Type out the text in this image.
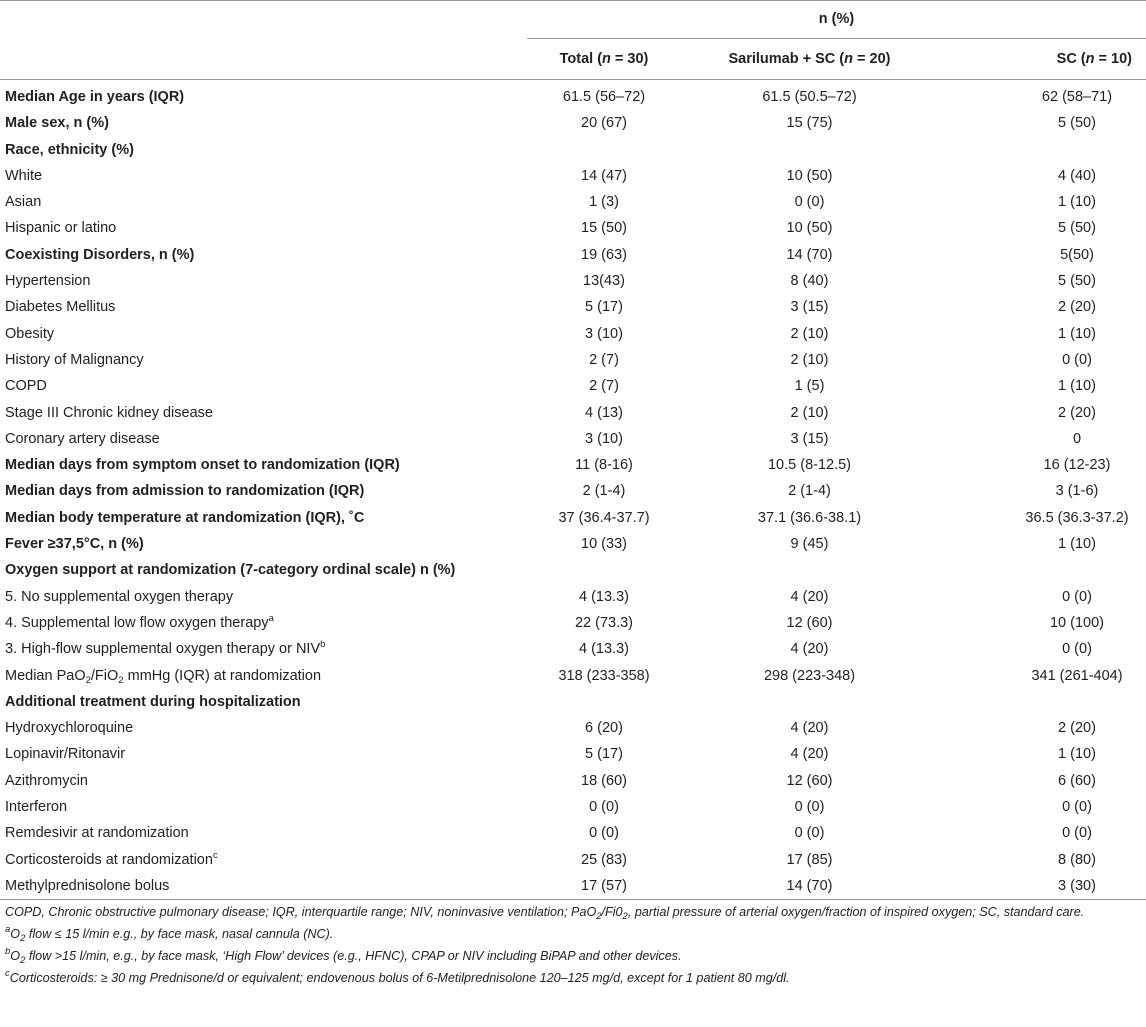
	n (%)		
	Total (n = 30)	Sarilumab + SC (n = 20)	SC (n = 10)
Median Age in years (IQR)	61.5 (56–72)	61.5 (50.5–72)	62 (58–71)
Male sex, n (%)	20 (67)	15 (75)	5 (50)
Race, ethnicity (%)			
White	14 (47)	10 (50)	4 (40)
Asian	1 (3)	0 (0)	1 (10)
Hispanic or latino	15 (50)	10 (50)	5 (50)
Coexisting Disorders, n (%)	19 (63)	14 (70)	5(50)
Hypertension	13(43)	8 (40)	5 (50)
Diabetes Mellitus	5 (17)	3 (15)	2 (20)
Obesity	3 (10)	2 (10)	1 (10)
History of Malignancy	2 (7)	2 (10)	0 (0)
COPD	2 (7)	1 (5)	1 (10)
Stage III Chronic kidney disease	4 (13)	2 (10)	2 (20)
Coronary artery disease	3 (10)	3 (15)	0
Median days from symptom onset to randomization (IQR)	11 (8-16)	10.5 (8-12.5)	16 (12-23)
Median days from admission to randomization (IQR)	2 (1-4)	2 (1-4)	3 (1-6)
Median body temperature at randomization (IQR), ˚C	37 (36.4-37.7)	37.1 (36.6-38.1)	36.5 (36.3-37.2)
Fever ≥37,5°C, n (%)	10 (33)	9 (45)	1 (10)
Oxygen support at randomization (7-category ordinal scale) n (%)			
5. No supplemental oxygen therapy	4 (13.3)	4 (20)	0 (0)
4. Supplemental low flow oxygen therapy$^a$	22 (73.3)	12 (60)	10 (100)
3. High-flow supplemental oxygen therapy or NIV$^b$	4 (13.3)	4 (20)	0 (0)
Median PaO$_2$/FiO$_2$ mmHg (IQR) at randomization	318 (233-358)	298 (223-348)	341 (261-404)
Additional treatment during hospitalization			
Hydroxychloroquine	6 (20)	4 (20)	2 (20)
Lopinavir/Ritonavir	5 (17)	4 (20)	1 (10)
Azithromycin	18 (60)	12 (60)	6 (60)
Interferon	0 (0)	0 (0)	0 (0)
Remdesivir at randomization	0 (0)	0 (0)	0 (0)
Corticosteroids at randomization$^c$	25 (83)	17 (85)	8 (80)
Methylprednisolone bolus	17 (57)	14 (70)	3 (30)

COPD, Chronic obstructive pulmonary disease; IQR, interquartile range; NIV, noninvasive ventilation; $PaO_2/Fi0_2$, partial pressure of arterial oxygen/fraction of inspired oxygen; SC, standard care.

$^aO_2$ flow ≤ 15 l/min e.g., by face mask, nasal cannula (NC).

$^bO_2$ flow >15 l/min, e.g., by face mask, ‘High Flow’ devices (e.g., HFNC), CPAP or NIV including BiPAP and other devices.

$^c$Corticosteroids: ≥ 30 mg Prednisone/d or equivalent; endovenous bolus of 6-Metilprednisolone 120–125 mg/d, except for 1 patient 80 mg/dl.
